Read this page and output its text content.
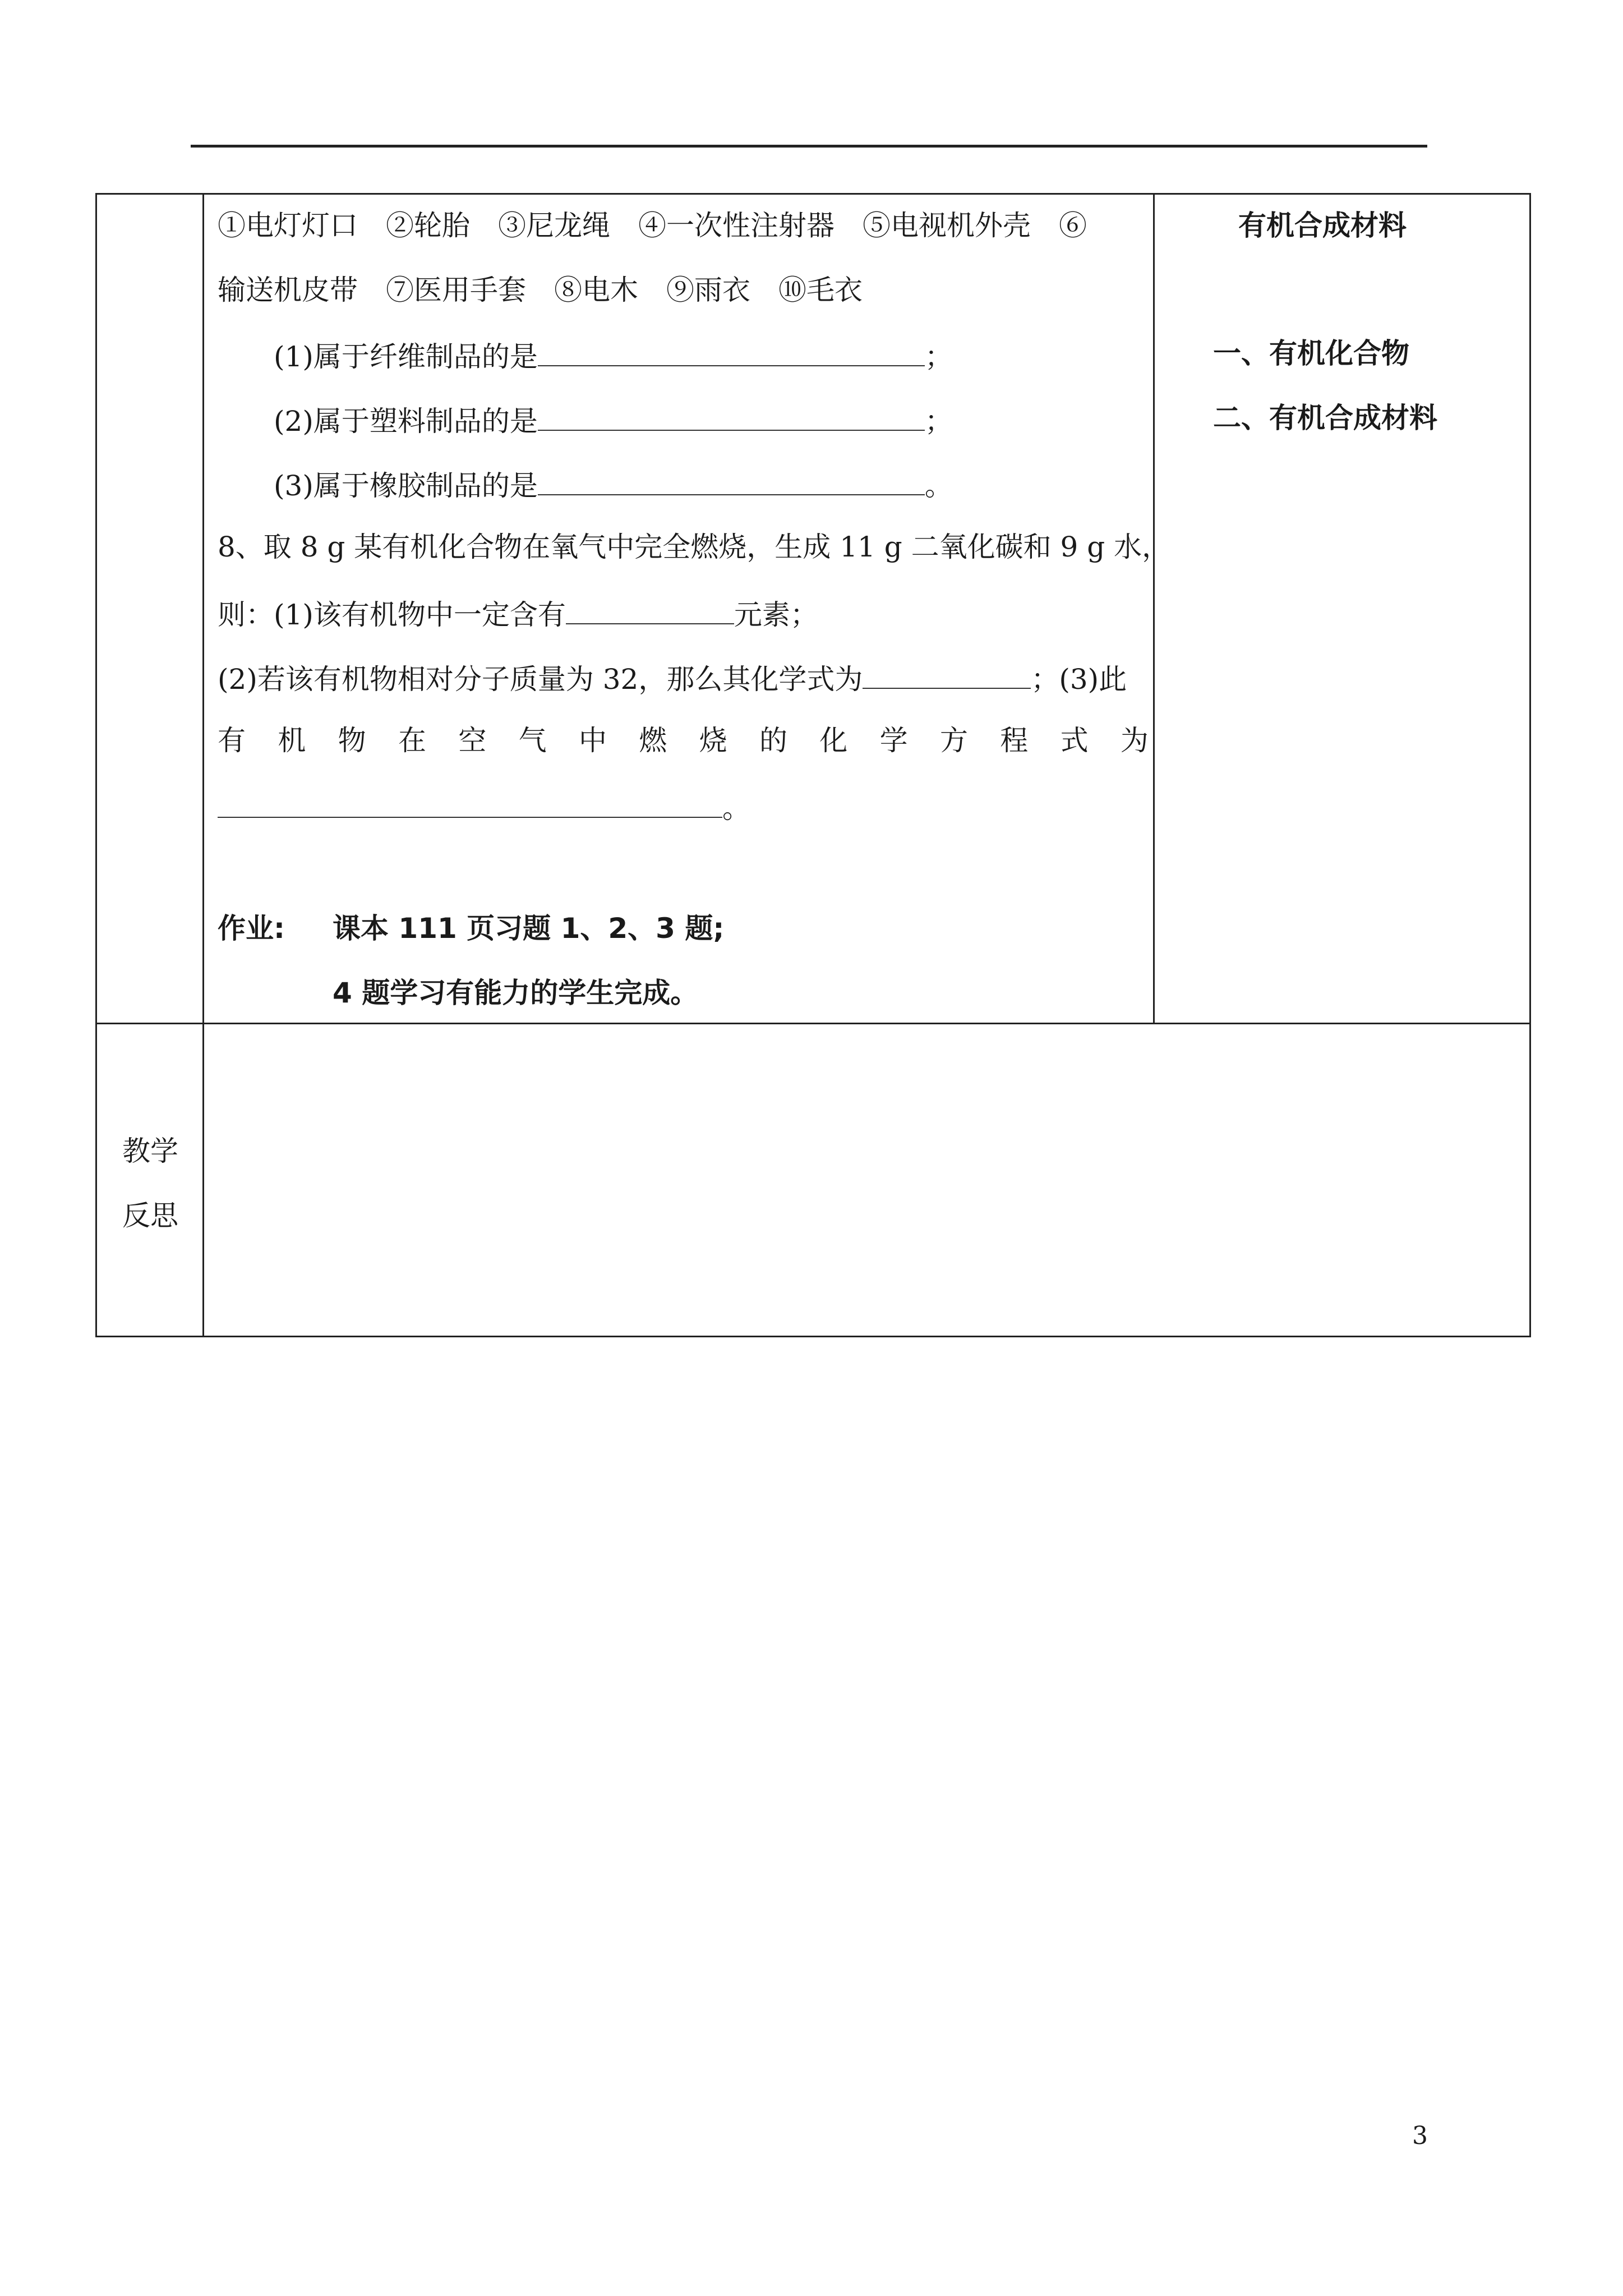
①电灯灯口　②轮胎　③尼龙绳　④一次性注射器　⑤电视机外壳　⑥
输送机皮带　⑦医用手套　⑧电木　⑨雨衣　⑩毛衣
(1)属于纤维制品的是	；
(2)属于塑料制品的是	；
(3)属于橡胶制品的是	。
8、取 8 g 某有机化合物在氧气中完全燃烧，生成 11 g 二氧化碳和 9 g 水，
则：(1)该有机物中一定含有	元素；
(2)若该有机物相对分子质量为 32，那么其化学式为	；(3)此
有 机 物 在 空 气 中 燃 烧 的 化 学 方 程 式 为
。
作业: 课本 111 页习题 1、2、3 题;
4 题学习有能力的学生完成。
有机合成材料
一、有机化合物
二、有机合成材料
教学
反思
3
